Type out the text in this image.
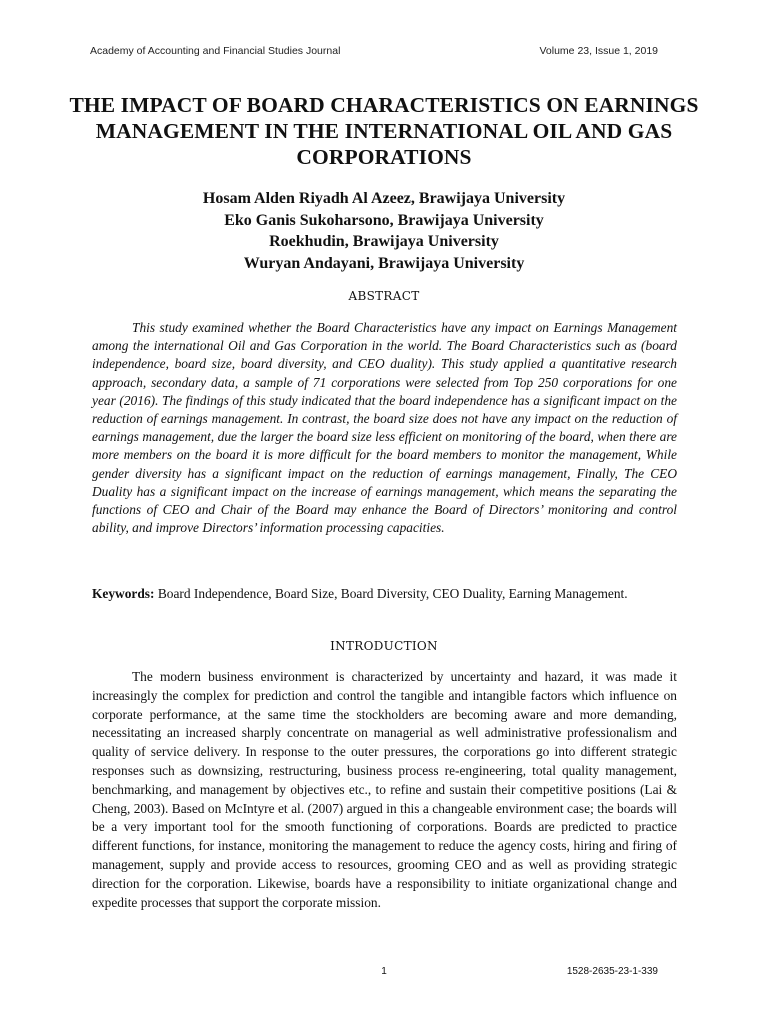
Academy of Accounting and Financial Studies Journal	Volume 23, Issue 1, 2019
THE IMPACT OF BOARD CHARACTERISTICS ON EARNINGS MANAGEMENT IN THE INTERNATIONAL OIL AND GAS CORPORATIONS
Hosam Alden Riyadh Al Azeez, Brawijaya University
Eko Ganis Sukoharsono, Brawijaya University
Roekhudin, Brawijaya University
Wuryan Andayani, Brawijaya University
ABSTRACT

This study examined whether the Board Characteristics have any impact on Earnings Management among the international Oil and Gas Corporation in the world. The Board Characteristics such as (board independence, board size, board diversity, and CEO duality). This study applied a quantitative research approach, secondary data, a sample of 71 corporations were selected from Top 250 corporations for one year (2016). The findings of this study indicated that the board independence has a significant impact on the reduction of earnings management. In contrast, the board size does not have any impact on the reduction of earnings management, due the larger the board size less efficient on monitoring of the board, when there are more members on the board it is more difficult for the board members to monitor the management, While gender diversity has a significant impact on the reduction of earnings management, Finally, The CEO Duality has a significant impact on the increase of earnings management, which means the separating the functions of CEO and Chair of the Board may enhance the Board of Directors’ monitoring and control ability, and improve Directors’ information processing capacities.

Keywords: Board Independence, Board Size, Board Diversity, CEO Duality, Earning Management.

INTRODUCTION

The modern business environment is characterized by uncertainty and hazard, it was made it increasingly the complex for prediction and control the tangible and intangible factors which influence on corporate performance, at the same time the stockholders are becoming aware and more demanding, necessitating an increased sharply concentrate on managerial as well administrative professionalism and quality of service delivery. In response to the outer pressures, the corporations go into different strategic responses such as downsizing, restructuring, business process re-engineering, total quality management, benchmarking, and management by objectives etc., to refine and sustain their competitive positions (Lai & Cheng, 2003). Based on McIntyre et al. (2007) argued in this a changeable environment case; the boards will be a very important tool for the smooth functioning of corporations. Boards are predicted to practice different functions, for instance, monitoring the management to reduce the agency costs, hiring and firing of management, supply and provide access to resources, grooming CEO and as well as providing strategic direction for the corporation. Likewise, boards have a responsibility to initiate organizational change and expedite processes that support the corporate mission.

1	1528-2635-23-1-339
